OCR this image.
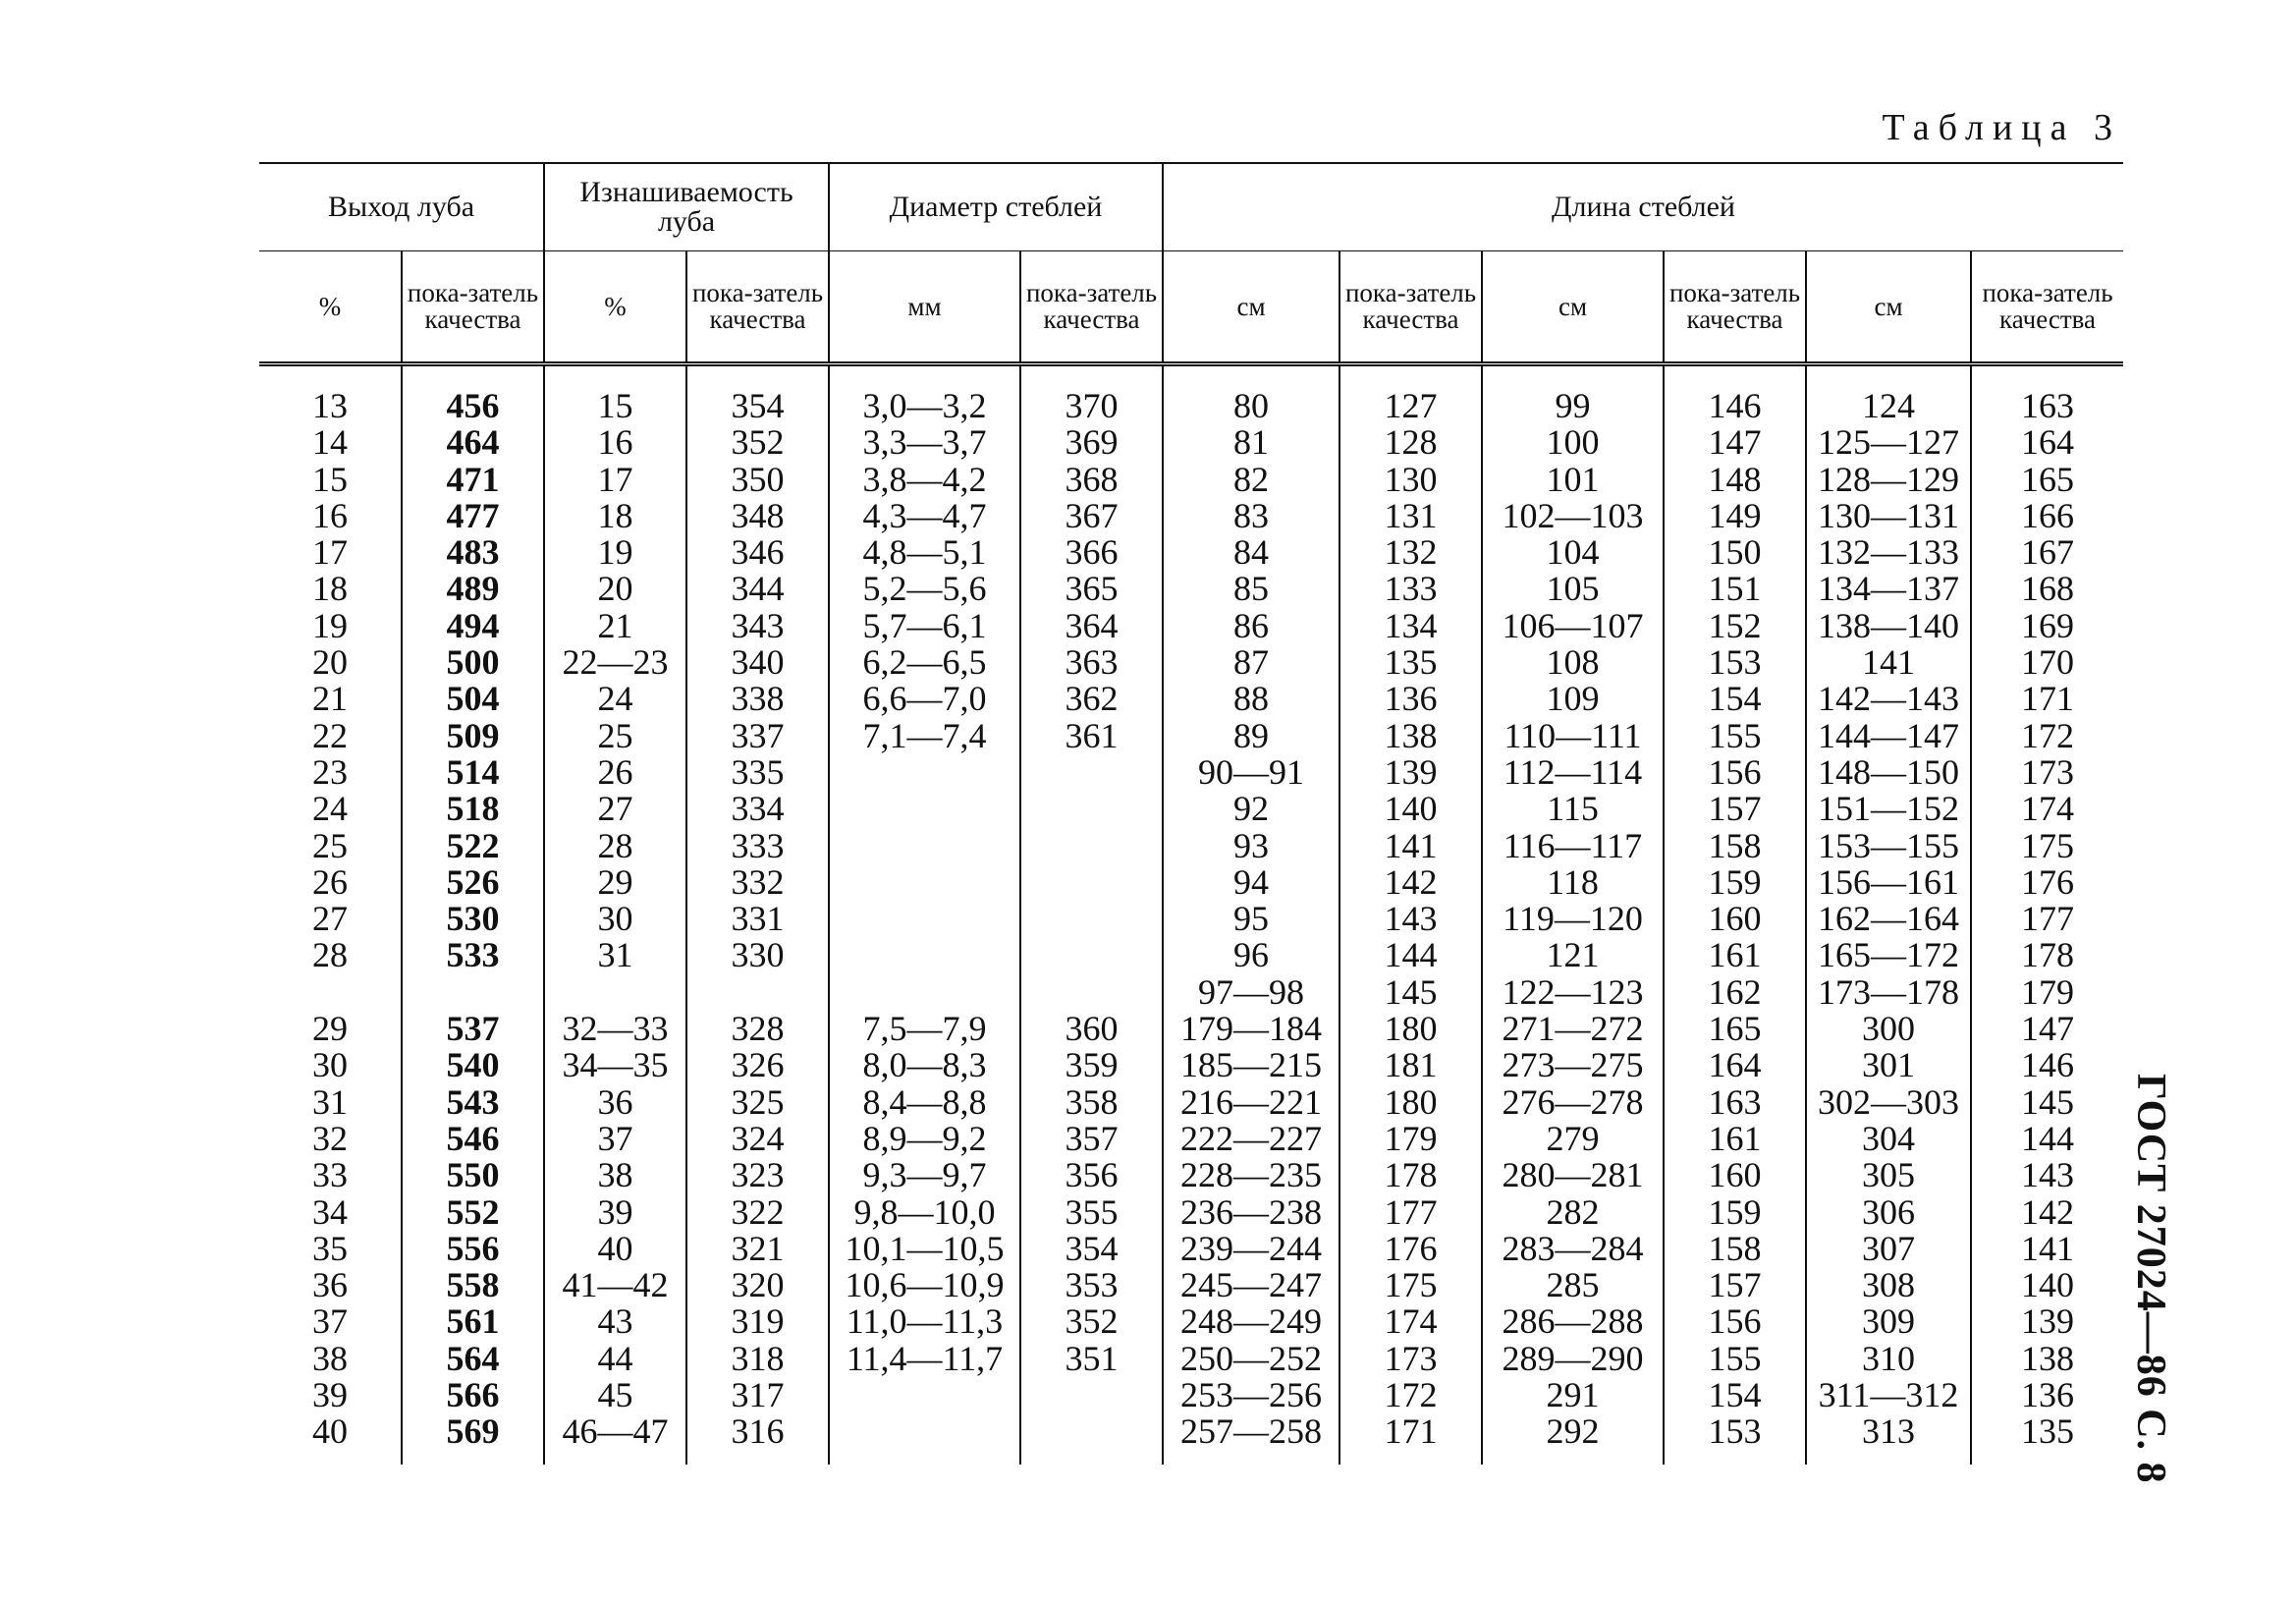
Таблица 3
ГОСТ 27024—86 С. 8
Выход луба		Изнашиваемость луба		Диаметр стеблей		Длина стеблей					
%	пока-затель качества	%	пока-затель качества	мм	пока-затель качества	см	пока-затель качества	см	пока-затель качества	см	пока-затель качества
13	456	15	354	3,0—3,2	370	80	127	99	146	124	163
14	464	16	352	3,3—3,7	369	81	128	100	147	125—127	164
15	471	17	350	3,8—4,2	368	82	130	101	148	128—129	165
16	477	18	348	4,3—4,7	367	83	131	102—103	149	130—131	166
17	483	19	346	4,8—5,1	366	84	132	104	150	132—133	167
18	489	20	344	5,2—5,6	365	85	133	105	151	134—137	168
19	494	21	343	5,7—6,1	364	86	134	106—107	152	138—140	169
20	500	22—23	340	6,2—6,5	363	87	135	108	153	141	170
21	504	24	338	6,6—7,0	362	88	136	109	154	142—143	171
22	509	25	337	7,1—7,4	361	89	138	110—111	155	144—147	172
23	514	26	335			90—91	139	112—114	156	148—150	173
24	518	27	334			92	140	115	157	151—152	174
25	522	28	333			93	141	116—117	158	153—155	175
26	526	29	332			94	142	118	159	156—161	176
27	530	30	331			95	143	119—120	160	162—164	177
28	533	31	330			96	144	121	161	165—172	178
						97—98	145	122—123	162	173—178	179
29	537	32—33	328	7,5—7,9	360	179—184	180	271—272	165	300	147
30	540	34—35	326	8,0—8,3	359	185—215	181	273—275	164	301	146
31	543	36	325	8,4—8,8	358	216—221	180	276—278	163	302—303	145
32	546	37	324	8,9—9,2	357	222—227	179	279	161	304	144
33	550	38	323	9,3—9,7	356	228—235	178	280—281	160	305	143
34	552	39	322	9,8—10,0	355	236—238	177	282	159	306	142
35	556	40	321	10,1—10,5	354	239—244	176	283—284	158	307	141
36	558	41—42	320	10,6—10,9	353	245—247	175	285	157	308	140
37	561	43	319	11,0—11,3	352	248—249	174	286—288	156	309	139
38	564	44	318	11,4—11,7	351	250—252	173	289—290	155	310	138
39	566	45	317			253—256	172	291	154	311—312	136
40	569	46—47	316			257—258	171	292	153	313	135
